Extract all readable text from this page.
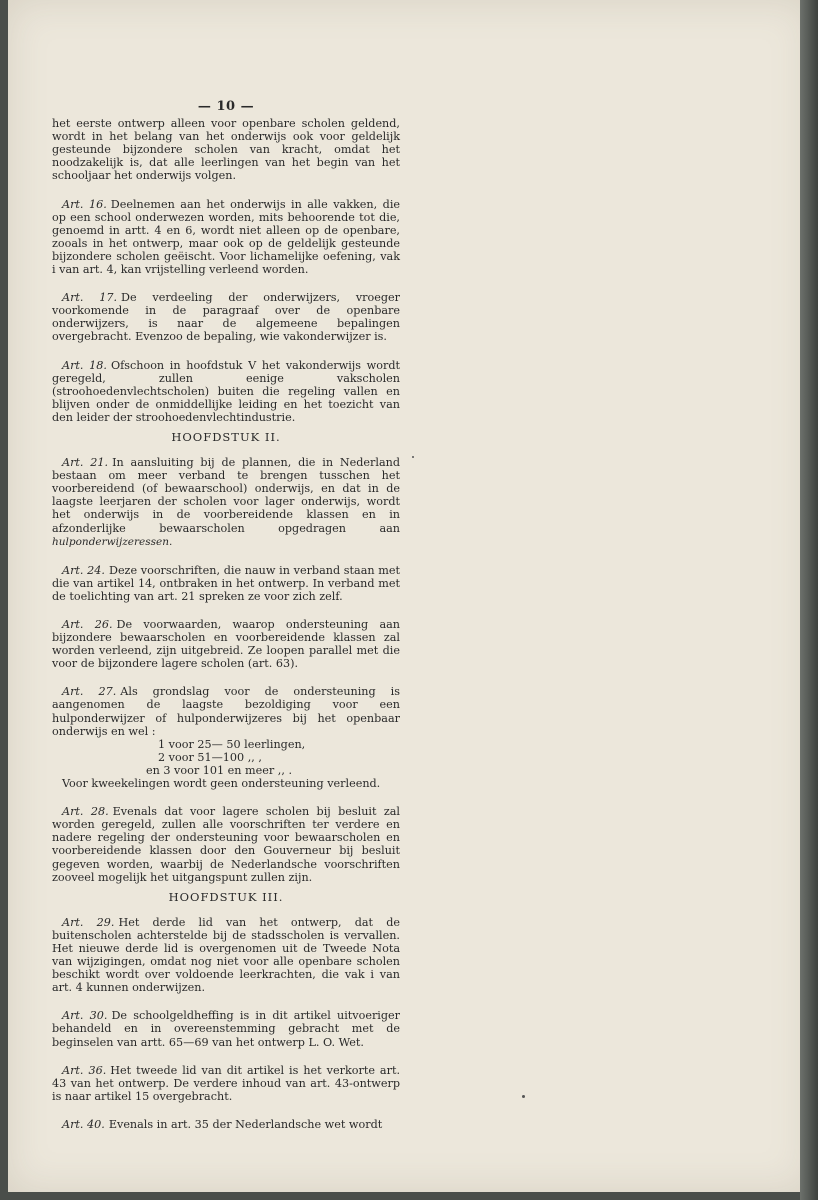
— 10 —

het eerste ontwerp alleen voor openbare scholen geldend, wordt in het belang van het onderwijs ook voor geldelijk gesteunde bijzondere scholen van kracht, omdat het noodzakelijk is, dat alle leerlingen van het begin van het schooljaar het onderwijs volgen.

Art. 16. Deelnemen aan het onderwijs in alle vakken, die op een school onderwezen worden, mits behoorende tot die, genoemd in artt. 4 en 6, wordt niet alleen op de openbare, zooals in het ontwerp, maar ook op de geldelijk gesteunde bijzondere scholen geëischt. Voor lichamelijke oefening, vak i van art. 4, kan vrijstelling verleend worden.

Art. 17. De verdeeling der onderwijzers, vroeger voorkomende in de paragraaf over de openbare onderwijzers, is naar de algemeene bepalingen overgebracht. Evenzoo de bepaling, wie vakonderwijzer is.

Art. 18. Ofschoon in hoofdstuk V het vakonderwijs wordt geregeld, zullen eenige vakscholen (stroohoedenvlechtscholen) buiten die regeling vallen en blijven onder de onmiddellijke leiding en het toezicht van den leider der stroohoedenvlechtindustrie.

HOOFDSTUK II.

Art. 21. In aansluiting bij de plannen, die in Nederland bestaan om meer verband te brengen tusschen het voorbereidend (of bewaarschool) onderwijs, en dat in de laagste leerjaren der scholen voor lager onderwijs, wordt het onderwijs in de voorbereidende klassen en in afzonderlijke bewaarscholen opgedragen aan hulponderwijzeressen.

Art. 24. Deze voorschriften, die nauw in verband staan met die van artikel 14, ontbraken in het ontwerp. In verband met de toelichting van art. 21 spreken ze voor zich zelf.

Art. 26. De voorwaarden, waarop ondersteuning aan bijzondere bewaarscholen en voorbereidende klassen zal worden verleend, zijn uitgebreid. Ze loopen parallel met die voor de bijzondere lagere scholen (art. 63).

Art. 27. Als grondslag voor de ondersteuning is aangenomen de laagste bezoldiging voor een hulponderwijzer of hulponderwijzeres bij het openbaar onderwijs en wel :
1 voor 25— 50 leerlingen,
2 voor 51—100 ,, ,
en 3 voor 101 en meer ,, .
Voor kweekelingen wordt geen ondersteuning verleend.

Art. 28. Evenals dat voor lagere scholen bij besluit zal worden geregeld, zullen alle voorschriften ter verdere en nadere regeling der ondersteuning voor bewaarscholen en voorbereidende klassen door den Gouverneur bij besluit gegeven worden, waarbij de Nederlandsche voorschriften zooveel mogelijk het uitgangspunt zullen zijn.

HOOFDSTUK III.

Art. 29. Het derde lid van het ontwerp, dat de buitenscholen achterstelde bij de stadsscholen is vervallen. Het nieuwe derde lid is overgenomen uit de Tweede Nota van wijzigingen, omdat nog niet voor alle openbare scholen beschikt wordt over voldoende leerkrachten, die vak i van art. 4 kunnen onderwijzen.

Art. 30. De schoolgeldheffing is in dit artikel uitvoeriger behandeld en in overeenstemming gebracht met de beginselen van artt. 65—69 van het ontwerp L. O. Wet.

Art. 36. Het tweede lid van dit artikel is het verkorte art. 43 van het ontwerp. De verdere inhoud van art. 43-ontwerp is naar artikel 15 overgebracht.

Art. 40. Evenals in art. 35 der Nederlandsche wet wordt
